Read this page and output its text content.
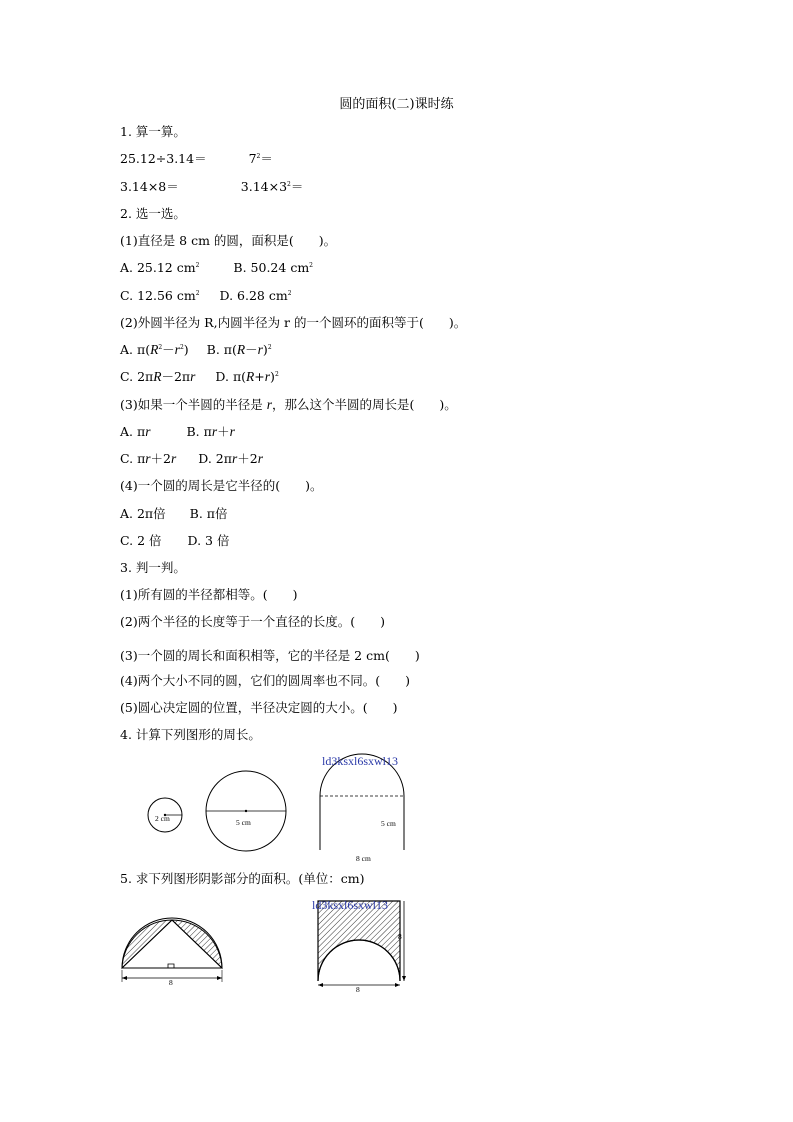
圆的面积(二)课时练
1. 算一算。
25.12÷3.14＝	$7^2=$
3.14×8＝	$3.14\times 3^2=$
2. 选一选。
(1)直径是 8 cm 的圆，面积是(　　)。
A. 25.12 $cm^2$	B. 50.24 $cm^2$
C. 12.56 $cm^2$ D. 6.28 $cm^2$
(2)外圆半径为 R,内圆半径为 r 的一个圆环的面积等于(　　)。
A. $\pi(R^2-r^2)$ B. $\pi(R-r)^2$
C. 2πR－2πr D. $\pi(R+r)^2$
(3)如果一个半圆的半径是 r，那么这个半圆的周长是(　　)。
A. πr	B. πr＋r
C. πr＋2r D. 2πr＋2r
(4)一个圆的周长是它半径的(　　)。
A. 2π倍 B. π倍
C. 2 倍 D. 3 倍
3. 判一判。
(1)所有圆的半径都相等。(　　)
(2)两个半径的长度等于一个直径的长度。(　　)
(3)一个圆的周长和面积相等，它的半径是 2 cm(　　)
(4)两个大小不同的圆，它们的圆周率也不同。(　　)
(5)圆心决定圆的位置，半径决定圆的大小。(　　)
4. 计算下列图形的周长。
2 cm	5 cm
ld3ksxl6sxwl13
5 cm
8 cm
5. 求下列图形阴影部分的面积。(单位：cm)
8
ld3ksxl6sxwl13
8
8
